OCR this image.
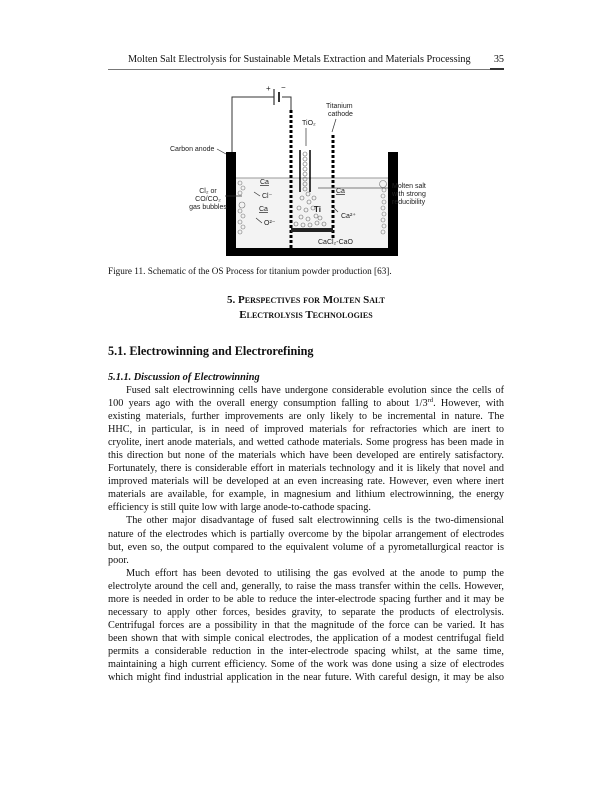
Molten Salt Electrolysis for Sustainable Metals Extraction and Materials Processing 35
+ −
Ca
Cl⁻
Ca
O²⁻
Ca
Ti
Ca²⁺
CaCl₂-CaO
Carbon anode
Cl₂ or
CO/CO₂
gas bubbles
Titanium
cathode
TiO₂
Molten salt
with strong
reducibility
Figure 11. Schematic of the OS Process for titanium powder production [63].
5. Perspectives for Molten Salt
Electrolysis Technologies
5.1. Electrowinning and Electrorefining
5.1.1. Discussion of Electrowinning
Fused salt electrowinning cells have undergone considerable evolution since the cells of
100 years ago with the overall energy consumption falling to about 1/3rd. However, with
existing materials, further improvements are only likely to be incremental in nature. The
HHC, in particular, is in need of improved materials for refractories which are inert to
cryolite, inert anode materials, and wetted cathode materials. Some progress has been made in
this direction but none of the materials which have been developed are entirely satisfactory.
Fortunately, there is considerable effort in materials technology and it is likely that novel and
improved materials will be developed at an even increasing rate. However, even where inert
materials are available, for example, in magnesium and lithium electrowinning, the energy
efficiency is still quite low with large anode-to-cathode spacing.
The other major disadvantage of fused salt electrowinning cells is the two-dimensional
nature of the electrodes which is partially overcome by the bipolar arrangement of electrodes
but, even so, the output compared to the equivalent volume of a pyrometallurgical reactor is
poor.
Much effort has been devoted to utilising the gas evolved at the anode to pump the
electrolyte around the cell and, generally, to raise the mass transfer within the cells. However,
more is needed in order to be able to reduce the inter-electrode spacing further and it may be
necessary to apply other forces, besides gravity, to separate the products of electrolysis.
Centrifugal forces are a possibility in that the magnitude of the force can be varied. It has
been shown that with simple conical electrodes, the application of a modest centrifugal field
permits a considerable reduction in the inter-electrode spacing whilst, at the same time,
maintaining a high current efficiency. Some of the work was done using a size of electrodes
which might find industrial application in the near future. With careful design, it may be also
